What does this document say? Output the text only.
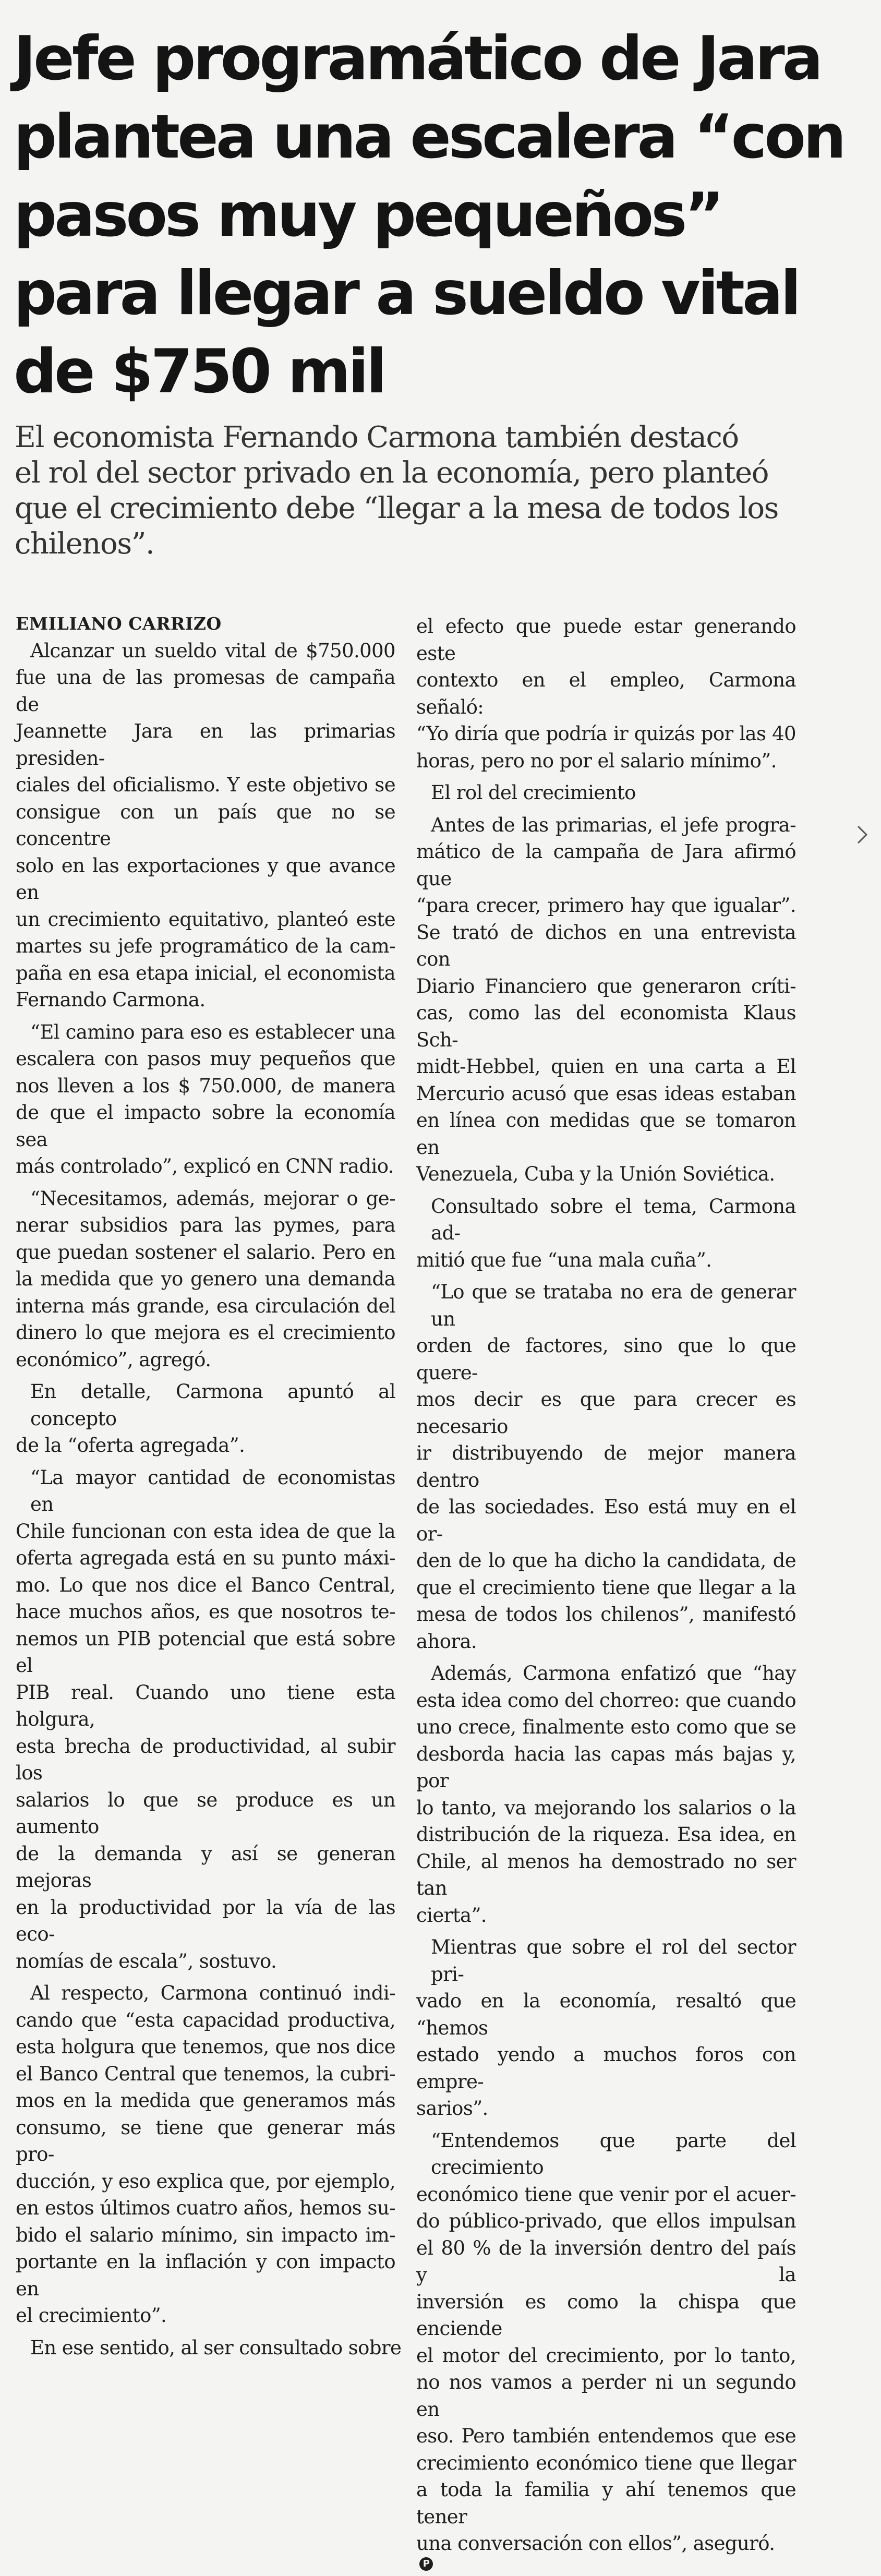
Jefe programático de Jara
plantea una escalera “con
pasos muy pequeños”
para llegar a sueldo vital
de $750 mil
El economista Fernando Carmona también destacó
el rol del sector privado en la economía, pero planteó
que el crecimiento debe “llegar a la mesa de todos los
chilenos”.
EMILIANO CARRIZO

Alcanzar un sueldo vital de $750.000
fue una de las promesas de campaña de
Jeannette Jara en las primarias presiden-
ciales del oficialismo. Y este objetivo se
consigue con un país que no se concentre
solo en las exportaciones y que avance en
un crecimiento equitativo, planteó este
martes su jefe programático de la cam-
paña en esa etapa inicial, el economista
Fernando Carmona.

“El camino para eso es establecer una
escalera con pasos muy pequeños que
nos lleven a los $ 750.000, de manera
de que el impacto sobre la economía sea
más controlado”, explicó en CNN radio.

“Necesitamos, además, mejorar o ge-
nerar subsidios para las pymes, para
que puedan sostener el salario. Pero en
la medida que yo genero una demanda
interna más grande, esa circulación del
dinero lo que mejora es el crecimiento
económico”, agregó.

En detalle, Carmona apuntó al concepto
de la “oferta agregada”.

“La mayor cantidad de economistas en
Chile funcionan con esta idea de que la
oferta agregada está en su punto máxi-
mo. Lo que nos dice el Banco Central,
hace muchos años, es que nosotros te-
nemos un PIB potencial que está sobre el
PIB real. Cuando uno tiene esta holgura,
esta brecha de productividad, al subir los
salarios lo que se produce es un aumento
de la demanda y así se generan mejoras
en la productividad por la vía de las eco-
nomías de escala”, sostuvo.

Al respecto, Carmona continuó indi-
cando que “esta capacidad productiva,
esta holgura que tenemos, que nos dice
el Banco Central que tenemos, la cubri-
mos en la medida que generamos más
consumo, se tiene que generar más pro-
ducción, y eso explica que, por ejemplo,
en estos últimos cuatro años, hemos su-
bido el salario mínimo, sin impacto im-
portante en la inflación y con impacto en
el crecimiento”.

En ese sentido, al ser consultado sobre

el efecto que puede estar generando este
contexto en el empleo, Carmona señaló:
“Yo diría que podría ir quizás por las 40
horas, pero no por el salario mínimo”.

El rol del crecimiento

Antes de las primarias, el jefe progra-
mático de la campaña de Jara afirmó que
“para crecer, primero hay que igualar”.
Se trató de dichos en una entrevista con
Diario Financiero que generaron críti-
cas, como las del economista Klaus Sch-
midt-Hebbel, quien en una carta a El
Mercurio acusó que esas ideas estaban
en línea con medidas que se tomaron en
Venezuela, Cuba y la Unión Soviética.

Consultado sobre el tema, Carmona ad-
mitió que fue “una mala cuña”.

“Lo que se trataba no era de generar un
orden de factores, sino que lo que quere-
mos decir es que para crecer es necesario
ir distribuyendo de mejor manera dentro
de las sociedades. Eso está muy en el or-
den de lo que ha dicho la candidata, de
que el crecimiento tiene que llegar a la
mesa de todos los chilenos”, manifestó
ahora.

Además, Carmona enfatizó que “hay
esta idea como del chorreo: que cuando
uno crece, finalmente esto como que se
desborda hacia las capas más bajas y, por
lo tanto, va mejorando los salarios o la
distribución de la riqueza. Esa idea, en
Chile, al menos ha demostrado no ser tan
cierta”.

Mientras que sobre el rol del sector pri-
vado en la economía, resaltó que “hemos
estado yendo a muchos foros con empre-
sarios”.

“Entendemos que parte del crecimiento
económico tiene que venir por el acuer-
do público-privado, que ellos impulsan
el 80 % de la inversión dentro del país y la
inversión es como la chispa que enciende
el motor del crecimiento, por lo tanto,
no nos vamos a perder ni un segundo en
eso. Pero también entendemos que ese
crecimiento económico tiene que llegar
a toda la familia y ahí tenemos que tener
una conversación con ellos”, aseguró.
P
